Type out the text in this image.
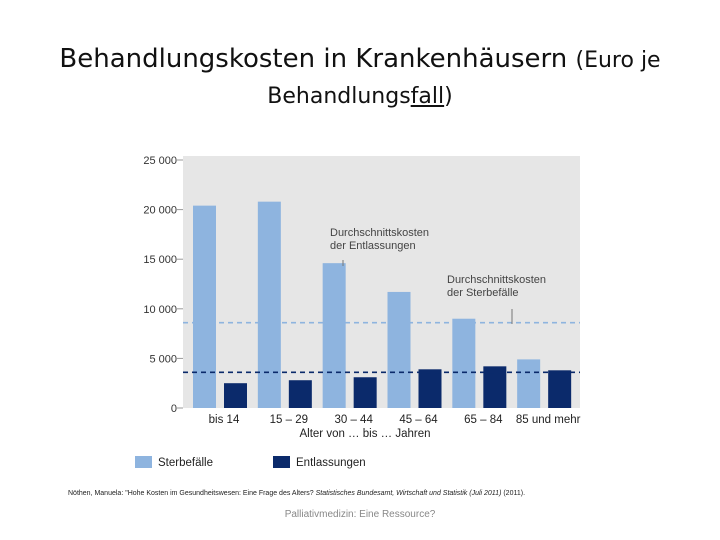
Behandlungskosten in Krankenhäusern (Euro je
Behandlungsfall)
0
5 000
10 000
15 000
20 000
25 000
bis 14	15 – 29 30 – 44 45 – 64 65 – 84 85 und mehr
Durchschnittskosten
der Sterbefälle
Durchschnittskosten
der Entlassungen
Alter von … bis … Jahren
Sterbefälle	Entlassungen
Nöthen, Manuela: "Hohe Kosten im Gesundheitswesen: Eine Frage des Alters? Statistisches Bundesamt, Wirtschaft und Statistik (Juli 2011) (2011).
Palliativmedizin: Eine Ressource?
